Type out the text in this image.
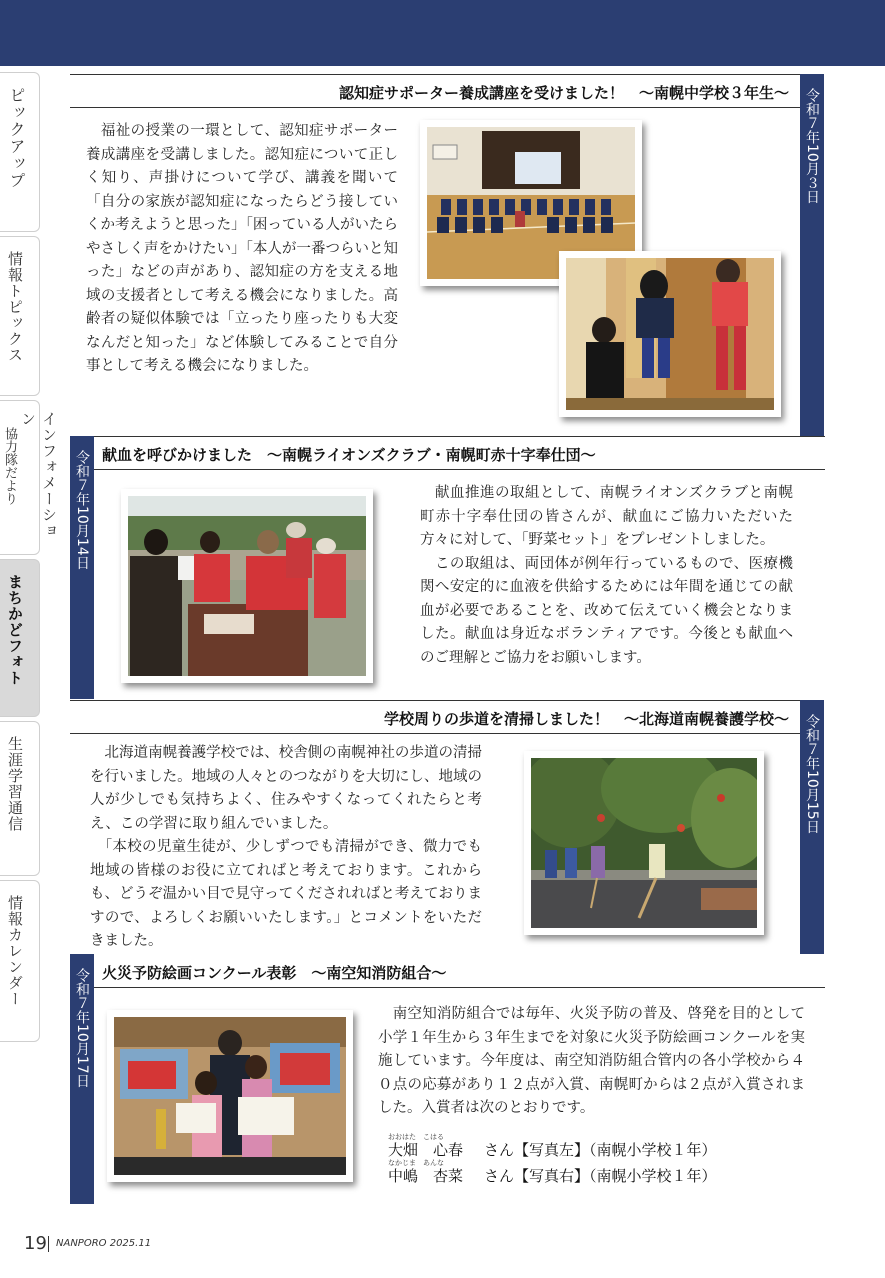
ピックアップ
情報トピックス
インフォメーション
協力隊だより
まちかどフォト
生涯学習通信
情報カレンダー
認知症サポーター養成講座を受けました！　～南幌中学校３年生～ 令和７年10月３日
　福祉の授業の一環として、認知症サポーター養成講座を受講しました。認知症について正しく知り、声掛けについて学び、講義を聞いて「自分の家族が認知症になったらどう接していくか考えようと思った」「困っている人がいたらやさしく声をかけたい」「本人が一番つらいと知った」などの声があり、認知症の方を支える地域の支援者として考える機会になりました。高齢者の疑似体験では「立ったり座ったりも大変なんだと知った」など体験してみることで自分事として考える機会になりました。
令和７年10月14日 献血を呼びかけました　～南幌ライオンズクラブ・南幌町赤十字奉仕団～
　献血推進の取組として、南幌ライオンズクラブと南幌町赤十字奉仕団の皆さんが、献血にご協力いただいた方々に対して、「野菜セット」をプレゼントしました。
　この取組は、両団体が例年行っているもので、医療機関へ安定的に血液を供給するためには年間を通じての献血が必要であることを、改めて伝えていく機会となりました。献血は身近なボランティアです。今後とも献血へのご理解とご協力をお願いします。
学校周りの歩道を清掃しました！　～北海道南幌養護学校～ 令和７年10月15日
　北海道南幌養護学校では、校舎側の南幌神社の歩道の清掃を行いました。地域の人々とのつながりを大切にし、地域の人が少しでも気持ちよく、住みやすくなってくれたらと考え、この学習に取り組んでいました。
　「本校の児童生徒が、少しずつでも清掃ができ、微力でも地域の皆様のお役に立てればと考えております。これからも、どうぞ温かい目で見守ってくだされればと考えておりますので、よろしくお願いいたします。」とコメントをいただきました。
令和７年10月17日 火災予防絵画コンクール表彰　～南空知消防組合～
　南空知消防組合では毎年、火災予防の普及、啓発を目的として小学１年生から３年生までを対象に火災予防絵画コンクールを実施しています。今年度は、南空知消防組合管内の各小学校から４０点の応募があり１２点が入賞、南幌町からは２点が入賞されました。入賞者は次のとおりです。
おおはた　こはる
大畑　心春 さん【写真左】（南幌小学校１年）
なかじま　あんな
中嶋　杏菜 さん【写真右】（南幌小学校１年）
19 NANPORO 2025.11
